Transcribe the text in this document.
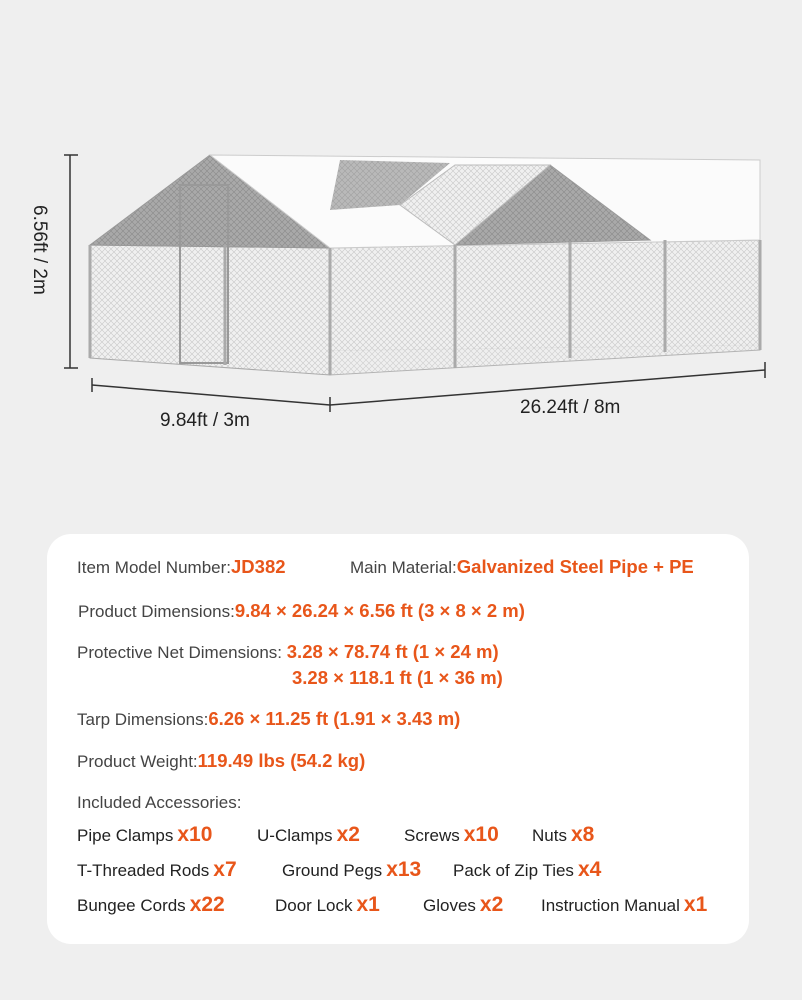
6.56ft / 2m
9.84ft / 3m
26.24ft / 8m
Item Model Number:JD382	Main Material:Galvanized Steel Pipe + PE
Product Dimensions:9.84 × 26.24 × 6.56 ft (3 × 8 × 2 m)
Protective Net Dimensions: 3.28 × 78.74 ft (1 × 24 m)
3.28 × 118.1 ft (1 × 36 m)
Tarp Dimensions:6.26 × 11.25 ft (1.91 × 3.43 m)
Product Weight:119.49 lbs (54.2 kg)
Included Accessories:
Pipe Clamps x10	U-Clamps x2	Screws x10 Nuts x8
T-Threaded Rods x7	Ground Pegs x13 Pack of Zip Ties x4
Bungee Cords x22	Door Lock x1	Gloves x2 Instruction Manual x1
